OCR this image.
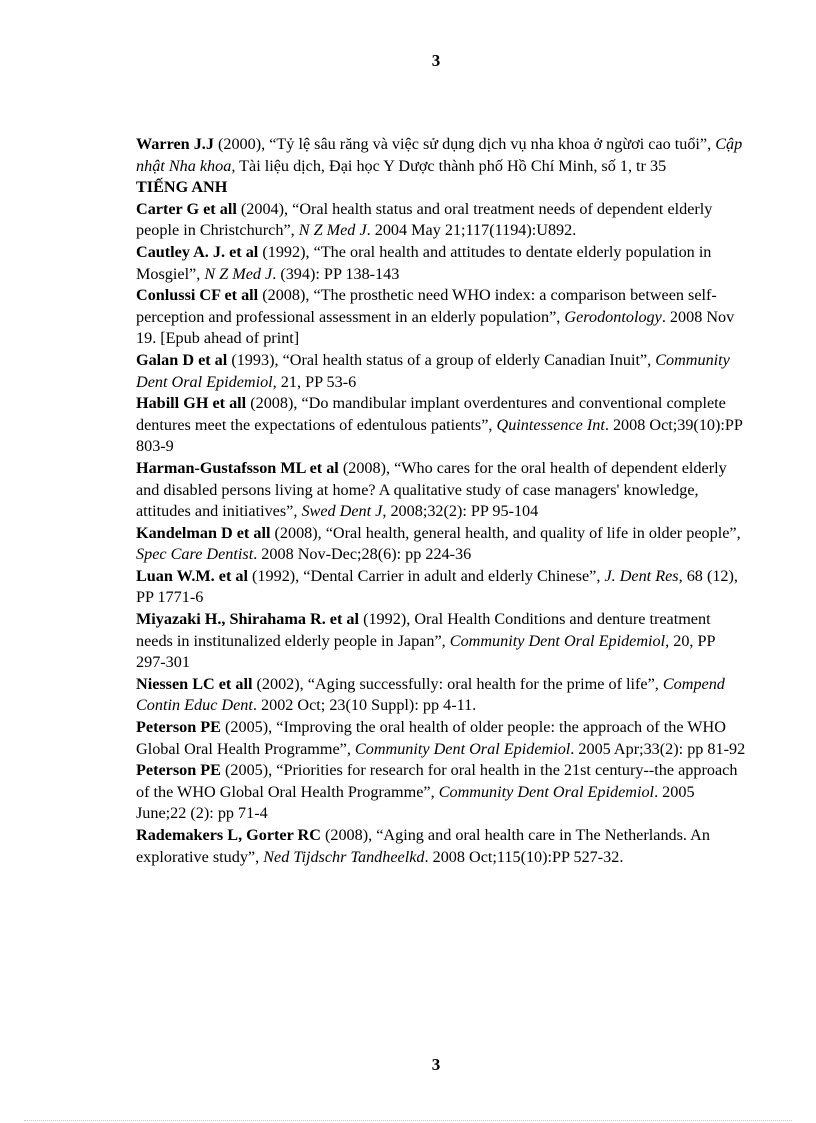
3

Warren J.J (2000), “Tỷ lệ sâu răng và việc sử dụng dịch vụ nha khoa ở ngừơi cao tuổi”, Cập nhật Nha khoa, Tài liệu dịch, Đại học Y Dược thành phố Hồ Chí Minh, số 1, tr 35

TIẾNG ANH

Carter G et all (2004), “Oral health status and oral treatment needs of dependent elderly people in Christchurch”, N Z Med J. 2004 May 21;117(1194):U892.

Cautley A. J. et al (1992), “The oral health and attitudes to dentate elderly population in Mosgiel”, N Z Med J. (394): PP 138-143

Conlussi CF et all (2008), “The prosthetic need WHO index: a comparison between self-perception and professional assessment in an elderly population”, Gerodontology. 2008 Nov 19. [Epub ahead of print]

Galan D et al (1993), “Oral health status of a group of elderly Canadian Inuit”, Community Dent Oral Epidemiol, 21, PP 53-6

Habill GH et all (2008), “Do mandibular implant overdentures and conventional complete dentures meet the expectations of edentulous patients”, Quintessence Int. 2008 Oct;39(10):PP 803-9

Harman-Gustafsson ML et al (2008), “Who cares for the oral health of dependent elderly and disabled persons living at home? A qualitative study of case managers' knowledge, attitudes and initiatives”, Swed Dent J, 2008;32(2): PP 95-104

Kandelman D et all (2008), “Oral health, general health, and quality of life in older people”, Spec Care Dentist. 2008 Nov-Dec;28(6): pp 224-36

Luan W.M. et al (1992), “Dental Carrier in adult and elderly Chinese”, J. Dent Res, 68 (12), PP 1771-6

Miyazaki H., Shirahama R. et al (1992), Oral Health Conditions and denture treatment needs in institunalized elderly people in Japan”, Community Dent Oral Epidemiol, 20, PP 297-301

Niessen LC et all (2002), “Aging successfully: oral health for the prime of life”, Compend Contin Educ Dent. 2002 Oct; 23(10 Suppl): pp 4-11.

Peterson PE (2005), “Improving the oral health of older people: the approach of the WHO Global Oral Health Programme”, Community Dent Oral Epidemiol. 2005 Apr;33(2): pp 81-92

Peterson PE (2005), “Priorities for research for oral health in the 21st century--the approach of the WHO Global Oral Health Programme”, Community Dent Oral Epidemiol. 2005 June;22 (2): pp 71-4

Rademakers L, Gorter RC (2008), “Aging and oral health care in The Netherlands. An explorative study”, Ned Tijdschr Tandheelkd. 2008 Oct;115(10):PP 527-32.

3
